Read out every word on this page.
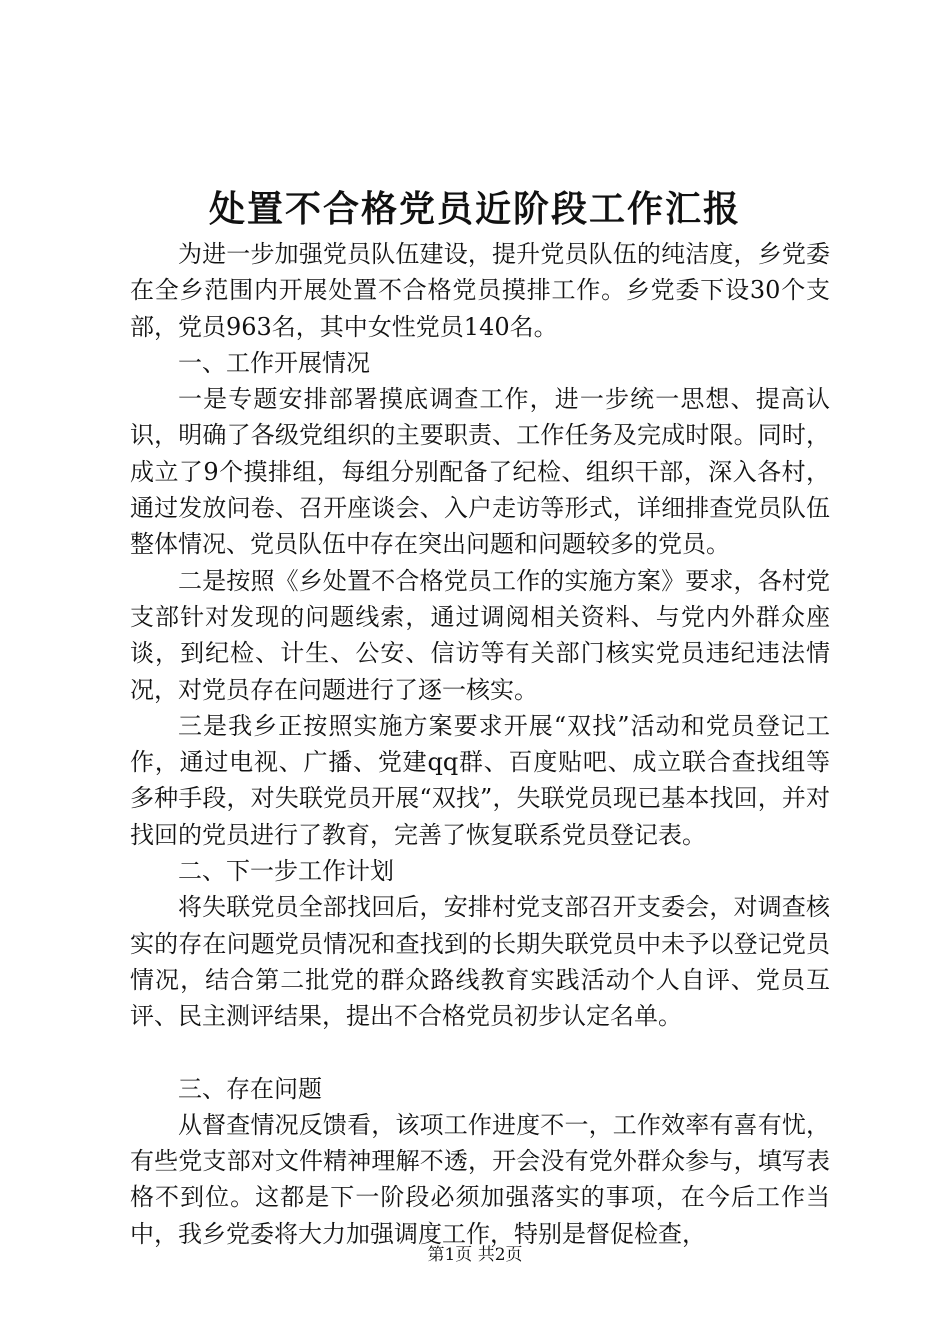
处置不合格党员近阶段工作汇报

为进一步加强党员队伍建设，提升党员队伍的纯洁度，乡党委在全乡范围内开展处置不合格党员摸排工作。乡党委下设30个支部，党员963名，其中女性党员140名。

一、工作开展情况

一是专题安排部署摸底调查工作，进一步统一思想、提高认识，明确了各级党组织的主要职责、工作任务及完成时限。同时，成立了9个摸排组，每组分别配备了纪检、组织干部，深入各村，通过发放问卷、召开座谈会、入户走访等形式，详细排查党员队伍整体情况、党员队伍中存在突出问题和问题较多的党员。

二是按照《乡处置不合格党员工作的实施方案》要求，各村党支部针对发现的问题线索，通过调阅相关资料、与党内外群众座谈，到纪检、计生、公安、信访等有关部门核实党员违纪违法情况，对党员存在问题进行了逐一核实。

三是我乡正按照实施方案要求开展“双找”活动和党员登记工作，通过电视、广播、党建qq群、百度贴吧、成立联合查找组等多种手段，对失联党员开展“双找”，失联党员现已基本找回，并对找回的党员进行了教育，完善了恢复联系党员登记表。

二、下一步工作计划

将失联党员全部找回后，安排村党支部召开支委会，对调查核实的存在问题党员情况和查找到的长期失联党员中未予以登记党员情况，结合第二批党的群众路线教育实践活动个人自评、党员互评、民主测评结果，提出不合格党员初步认定名单。

三、存在问题

从督查情况反馈看，该项工作进度不一，工作效率有喜有忧，有些党支部对文件精神理解不透，开会没有党外群众参与，填写表格不到位。这都是下一阶段必须加强落实的事项，在今后工作当中，我乡党委将大力加强调度工作，特别是督促检查，

第1页 共2页
